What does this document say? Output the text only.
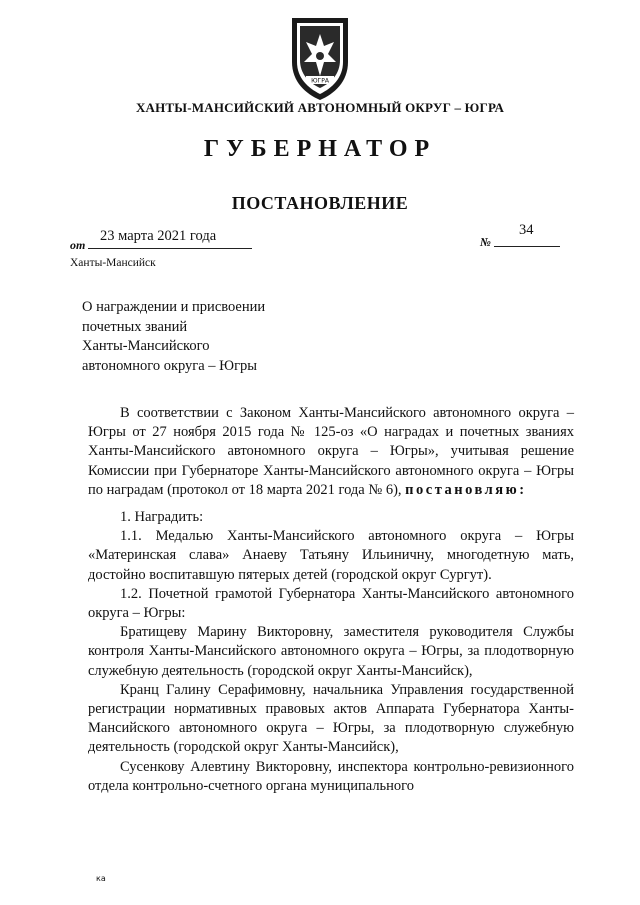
ЮГРА
ХАНТЫ-МАНСИЙСКИЙ АВТОНОМНЫЙ ОКРУГ – ЮГРА
ГУБЕРНАТОР
ПОСТАНОВЛЕНИЕ
от
23 марта 2021 года	№
34
Ханты-Мансийск
О награждении и присвоении
почетных званий
Ханты-Мансийского
автономного округа – Югры

В соответствии с Законом Ханты-Мансийского автономного округа – Югры от 27 ноября 2015 года № 125-оз «О наградах и почетных званиях Ханты-Мансийского автономного округа – Югры», учитывая решение Комиссии при Губернаторе Ханты-Мансийского автономного округа – Югры по наградам (протокол от 18 марта 2021 года № 6), постановляю:

1. Наградить:

1.1. Медалью Ханты-Мансийского автономного округа – Югры «Материнская слава» Анаеву Татьяну Ильиничну, многодетную мать, достойно воспитавшую пятерых детей (городской округ Сургут).

1.2. Почетной грамотой Губернатора Ханты-Мансийского автономного округа – Югры:

Братищеву Марину Викторовну, заместителя руководителя Службы контроля Ханты-Мансийского автономного округа – Югры, за плодотворную служебную деятельность (городской округ Ханты-Мансийск),

Кранц Галину Серафимовну, начальника Управления государственной регистрации нормативных правовых актов Аппарата Губернатора Ханты-Мансийского автономного округа – Югры, за плодотворную служебную деятельность (городской округ Ханты-Мансийск),

Сусенкову Алевтину Викторовну, инспектора контрольно-ревизионного отдела контрольно-счетного органа муниципального

ка
